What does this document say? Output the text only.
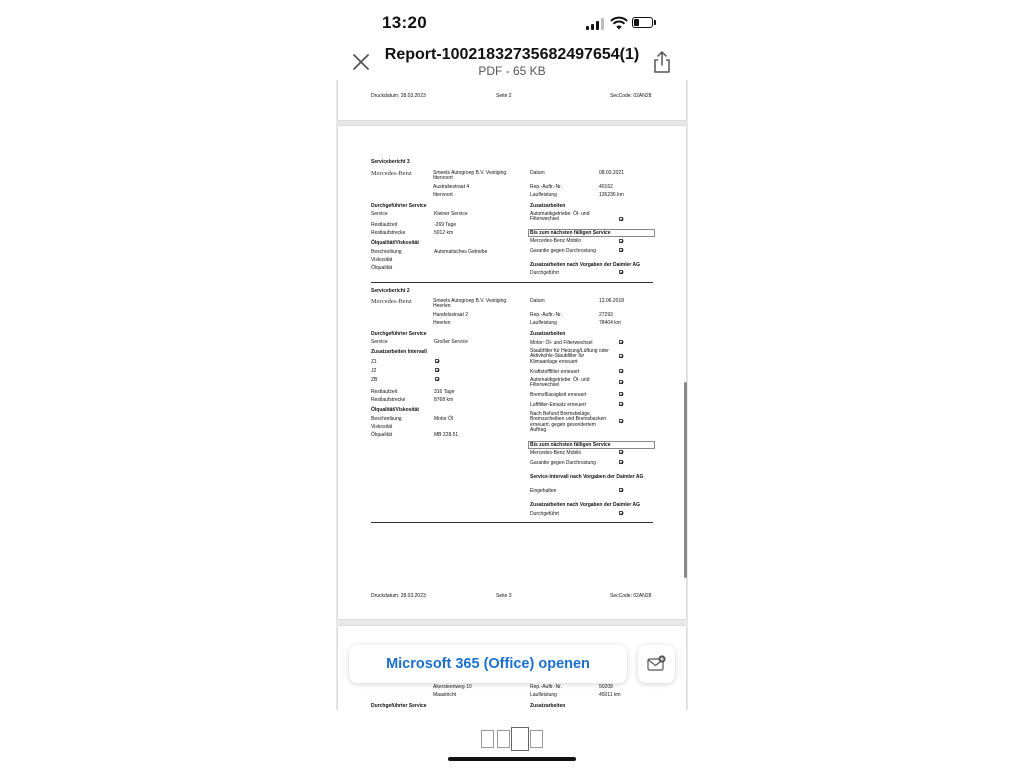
13:20
Report-1002183273568249765​4(1)
PDF - 65 KB
Druckdatum: 28.03.2023	Seite 2	SecCode: 02AN28
Servicebericht 3
Mercedes-Benz	Smeets Autogroep B.V. Vestiging Ittervoort
Australiestraat 4
Ittervoort
Datum	08.03.2021
Rep.-Auftr.-Nr.	40162
Laufleistung	135236 km
Durchgeführter Service
Service	Kleiner Service
Restlaufzeit	-269 Tage
Restlaufstrecke	5012 km
Ölqualität/Viskosität
Beschreibung	Automatisches Getriebe
Viskosität
Ölqualität
Zusatzarbeiten
Automatikgetriebe: Öl- und Filterwechsel
Bis zum nächsten fälligen Service
Mercedes-Benz Mobilo
Garantie gegen Durchrostung
Zusatzarbeiten nach Vorgaben der Daimler AG
Durchgeführt
Servicebericht 2
Mercedes-Benz	Smeets Autogroep B.V. Vestiging Heerlen
Handelsstraat 2
Heerlen
Datum	13.06.2018
Rep.-Auftr.-Nr.	27293
Laufleistung	78404 km
Durchgeführter Service
Service	Großer Service
Zusatzarbeiten Intervall
Z1
J2
ZB
Restlaufzeit	316 Tage
Restlaufstrecke	8768 km
Ölqualität/Viskosität
Beschreibung	Motor Öl
Viskosität
Ölqualität	MB 228.51
Zusatzarbeiten
Motor: Öl- und Filterwechsel
Staubfilter für Heizung/Lüftung oder Aktivkohle-Staubfilter für Klimaanlage erneuert
Kraftstofffilter erneuert
Automatikgetriebe: Öl- und Filterwechsel
Bremsflüssigkeit erneuert
Luftfilter-Einsatz erneuert
Nach Befund Bremsbeläge, Bremsscheiben und Bremsbacken erneuert, gegen gesondertem Auftrag
Bis zum nächsten fälligen Service
Mercedes-Benz Mobilo
Garantie gegen Durchrostung
Service-Intervall nach Vorgaben der Daimler AG
Eingehalten
Zusatzarbeiten nach Vorgaben der Daimler AG
Durchgeführt
Druckdatum: 28.03.2023	Seite 3	SecCode: 02AN28
Akersteenweg 10
Maastricht
Rep.-Auftr.-Nr.	50208
Laufleistung	45011 km
Durchgeführter Service	Zusatzarbeiten
Microsoft 365 (Office) openen
